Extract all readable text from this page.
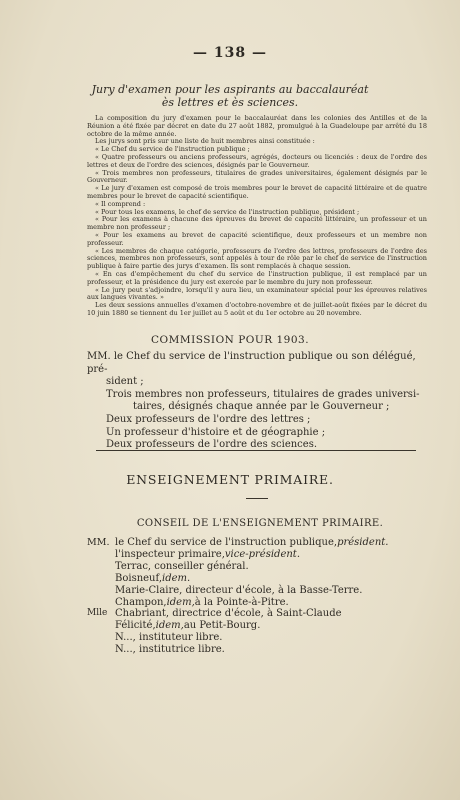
— 138 —
Jury d'examen pour les aspirants au baccalauréat
ès lettres et ès sciences.

La composition du jury d'examen pour le baccalauréat dans les colonies des Antilles et de la Réunion a été fixée par décret en date du 27 août 1882, promulgué à la Guadeloupe par arrêté du 18 octobre de la même année.

Les jurys sont pris sur une liste de huit membres ainsi constituée :

« Le Chef du service de l'instruction publique ;

« Quatre professeurs ou anciens professeurs, agrégés, docteurs ou licenciés : deux de l'ordre des lettres et deux de l'ordre des sciences, désignés par le Gouverneur.

« Trois membres non professeurs, titulaires de grades universitaires, également désignés par le Gouverneur.

« Le jury d'examen est composé de trois membres pour le brevet de capacité littéraire et de quatre membres pour le brevet de capacité scientifique.

« Il comprend :

« Pour tous les examens, le chef de service de l'instruction publique, président ;

« Pour les examens à chacune des épreuves du brevet de capacité littéraire, un professeur et un membre non professeur ;

« Pour les examens au brevet de capacité scientifique, deux professeurs et un membre non professeur.

« Les membres de chaque catégorie, professeurs de l'ordre des lettres, professeurs de l'ordre des sciences, membres non professeurs, sont appelés à tour de rôle par le chef de service de l'instruction publique à faire partie des jurys d'examen. Ils sont remplacés à chaque session.

« En cas d'empêchement du chef du service de l'instruction publique, il est remplacé par un professeur, et la présidence du jury est exercée par le membre du jury non professeur.

« Le jury peut s'adjoindre, lorsqu'il y aura lieu, un examinateur spécial pour les épreuves relatives aux langues vivantes. »

Les deux sessions annuelles d'examen d'octobre-novembre et de juillet-août fixées par le décret du 10 juin 1880 se tiennent du 1er juillet au 5 août et du 1er octobre au 20 novembre.

COMMISSION POUR 1903.
MM. le Chef du service de l'instruction publique ou son délégué, pré-
sident ;
Trois membres non professeurs, titulaires de grades universi-
taires, désignés chaque année par le Gouverneur ;
Deux professeurs de l'ordre des lettres ;
Un professeur d'histoire et de géographie ;
Deux professeurs de l'ordre des sciences.
ENSEIGNEMENT PRIMAIRE.
CONSEIL DE L'ENSEIGNEMENT PRIMAIRE.
MM. le Chef du service de l'instruction publique, président.
l'inspecteur primaire, vice-président.
Terrac, conseiller général.
Boisneuf, idem.
Marie-Claire, directeur d'école, à la Basse-Terre.
Champon, idem, à la Pointe-à-Pitre.
Mlle Chabriant, directrice d'école, à Saint-Claude
Félicité, idem, au Petit-Bourg.
N..., instituteur libre.
N..., institutrice libre.
